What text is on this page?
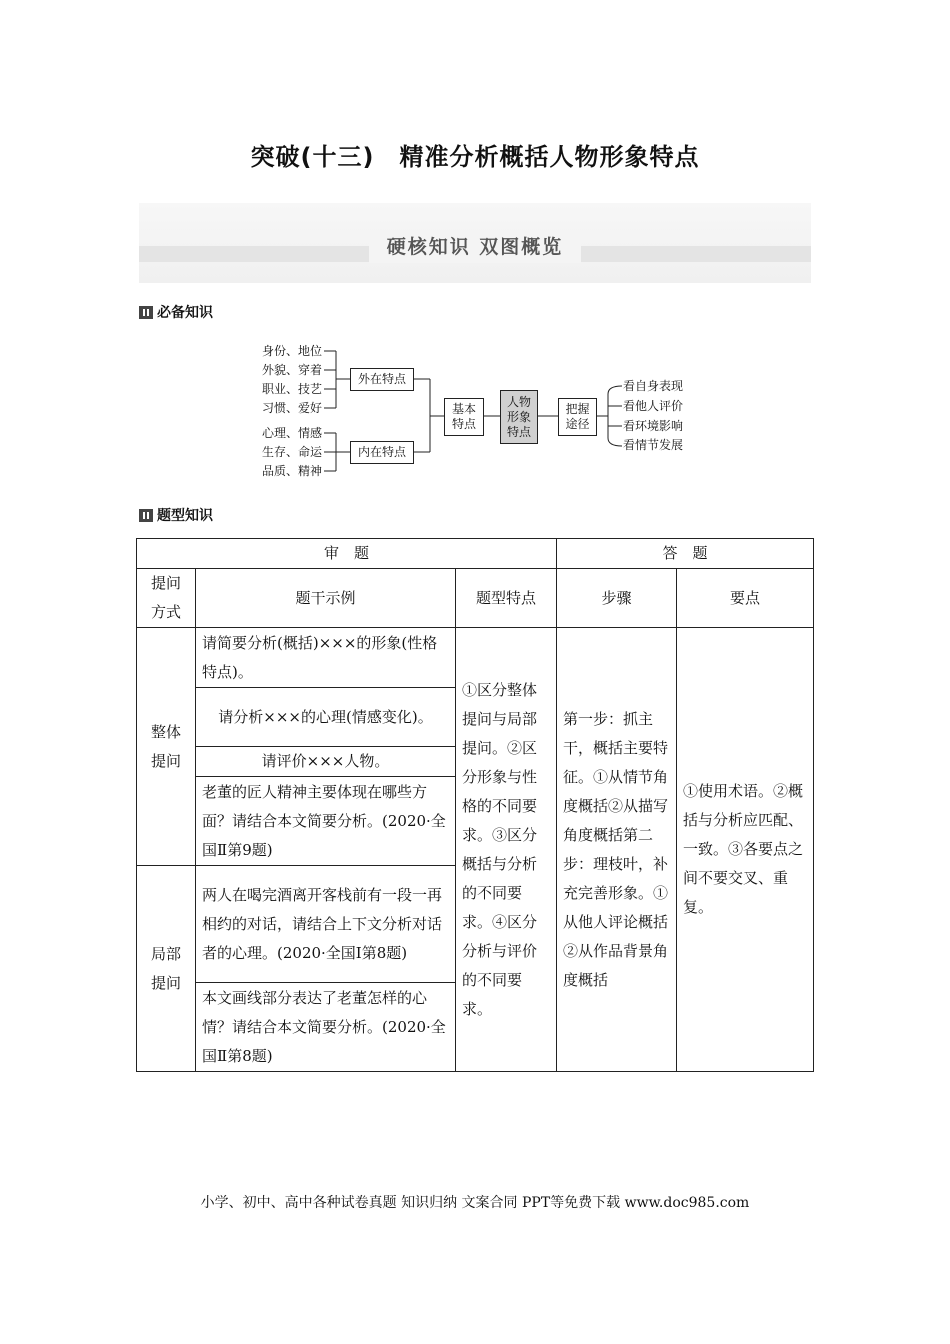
突破(十三)　精准分析概括人物形象特点
硬核知识 双图概览
必备知识
身份、地位
外貌、穿着
职业、技艺
习惯、爱好
心理、情感
生存、命运
品质、精神
外在特点
内在特点
基本
特点
人物
形象
特点
把握
途径
看自身表现
看他人评价
看环境影响
看情节发展
题型知识
审　题			答　题	

提问
方式	题干示例	题型特点	步骤	要点

整体
提问	请简要分析(概括)×××的形象(性格特点)。	①区分整体提问与局部提问。②区分形象与性格的不同要求。③区分概括与分析的不同要求。④区分分析与评价的不同要求。	第一步：抓主干，概括主要特征。①从情节角度概括②从描写角度概括第二步：理枝叶，补充完善形象。①从他人评论概括②从作品背景角度概括	①使用术语。②概括与分析应匹配、一致。③各要点之间不要交叉、重复。
	请分析×××的心理(情感变化)。			
	请评价×××人物。			
	老董的匠人精神主要体现在哪些方面？请结合本文简要分析。(2020·全国Ⅱ第9题)			

局部
提问	两人在喝完酒离开客栈前有一段一再相约的对话，请结合上下文分析对话者的心理。(2020·全国Ⅰ第8题)			
	本文画线部分表达了老董怎样的心情？请结合本文简要分析。(2020·全国Ⅱ第8题)			
小学、初中、高中各种试卷真题 知识归纳 文案合同 PPT等免费下载 www.doc985.com
